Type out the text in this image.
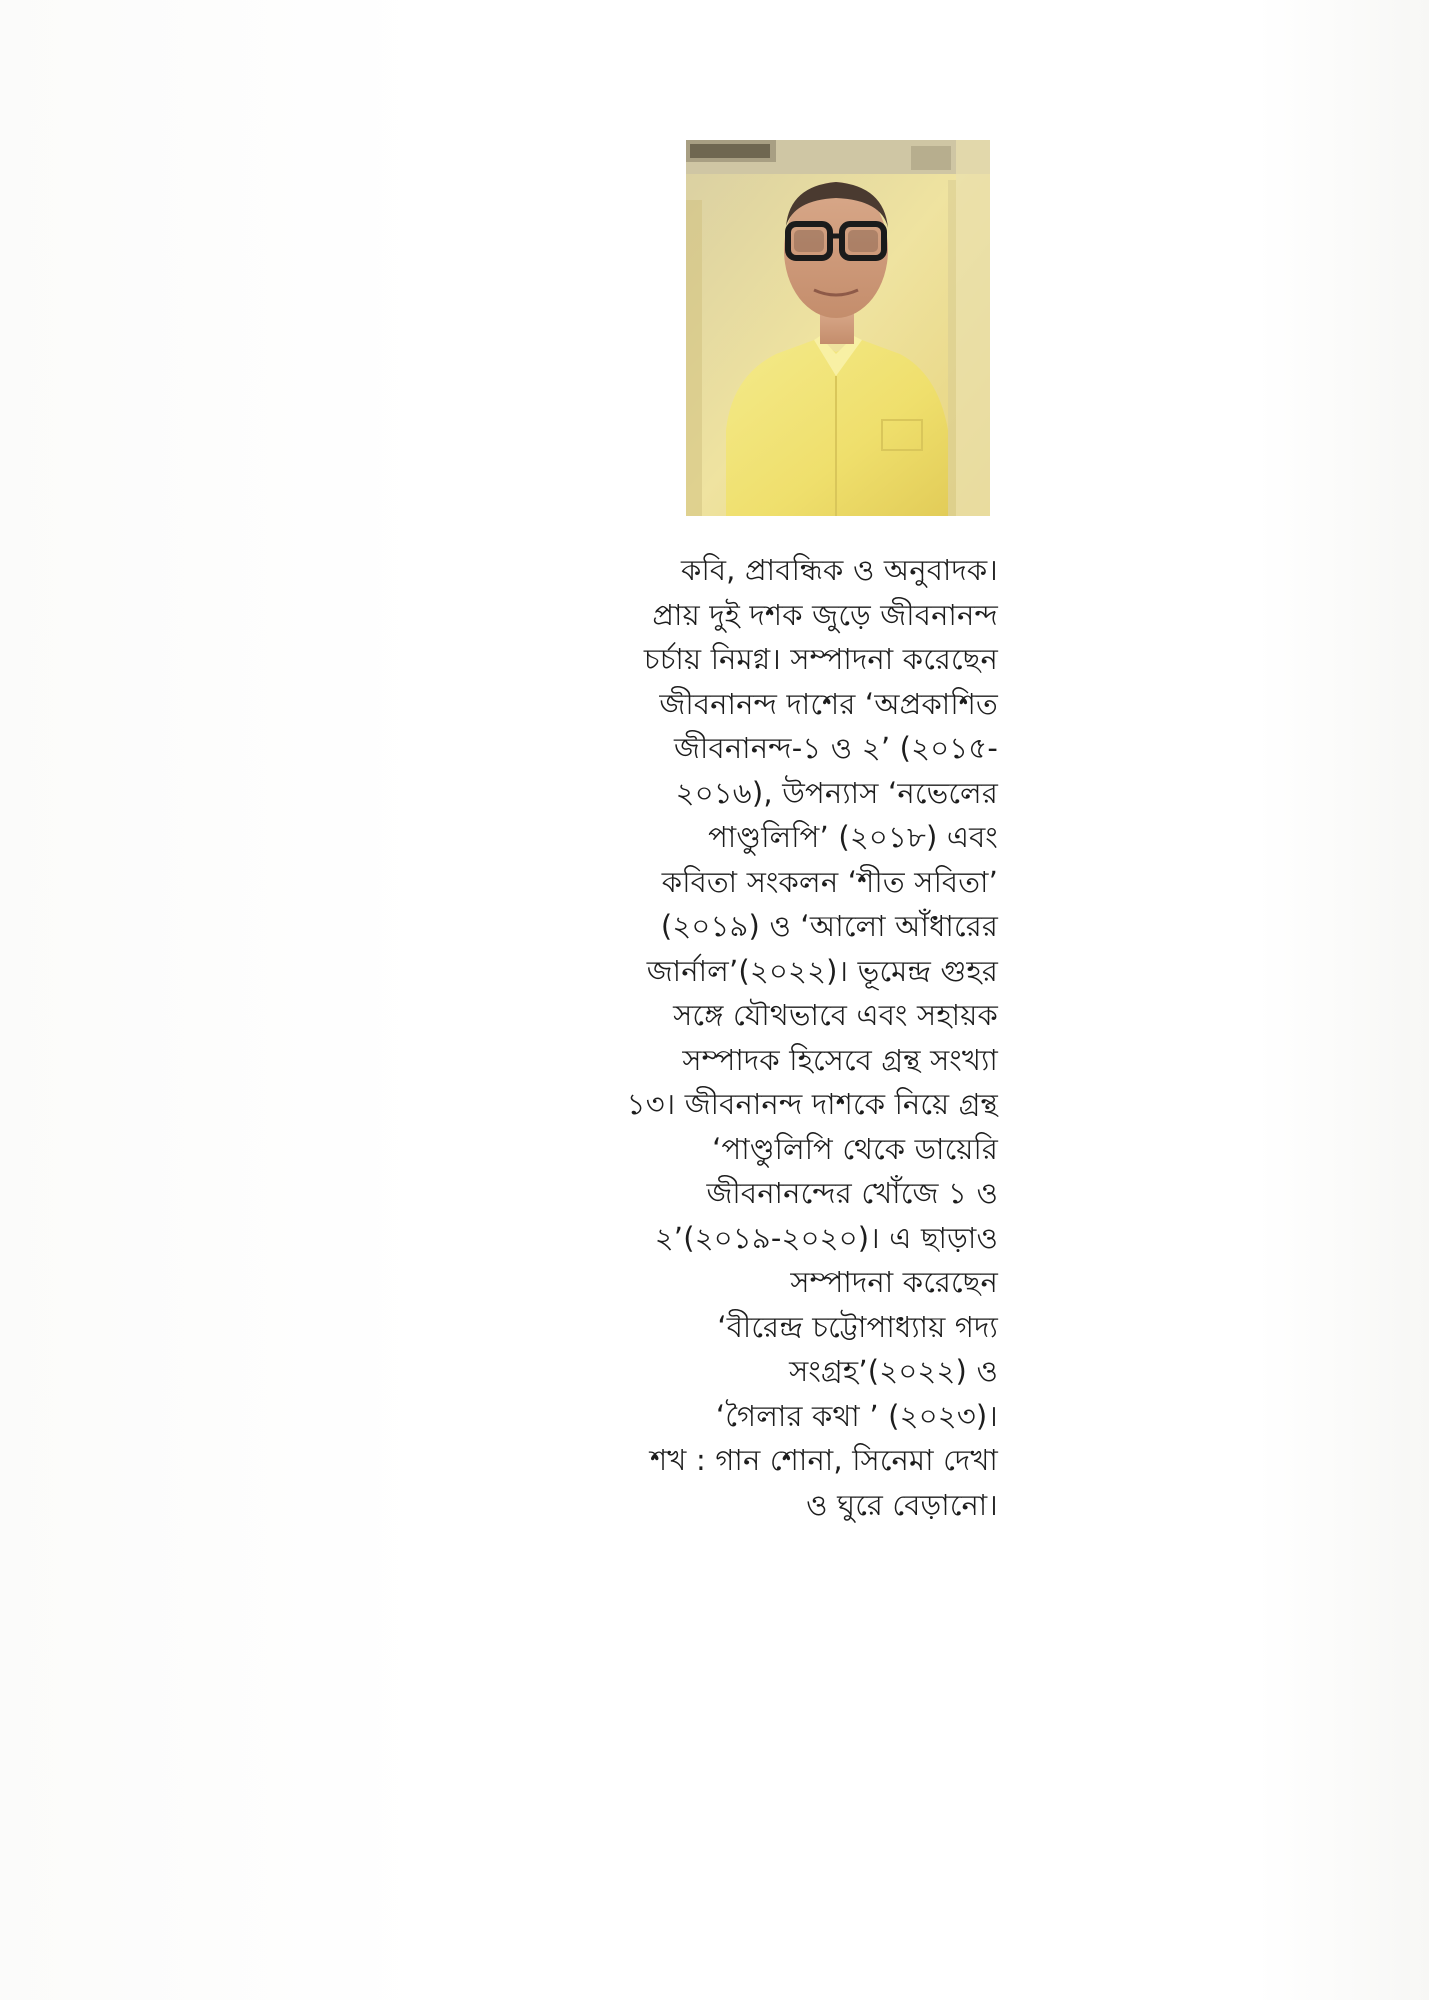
কবি, প্রাবন্ধিক ও অনুবাদক।
প্রায় দুই দশক জুড়ে জীবনানন্দ
চর্চায় নিমগ্ন। সম্পাদনা করেছেন
জীবনানন্দ দাশের ‘অপ্রকাশিত
জীবনানন্দ-১ ও ২’ (২০১৫-
২০১৬), উপন্যাস ‘নভেলের
পাণ্ডুলিপি’ (২০১৮) এবং
কবিতা সংকলন ‘শীত সবিতা’
(২০১৯) ও ‘আলো আঁধারের
জার্নাল’(২০২২)। ভূমেন্দ্র গুহর
সঙ্গে যৌথভাবে এবং সহায়ক
সম্পাদক হিসেবে গ্রন্থ সংখ্যা
১৩। জীবনানন্দ দাশকে নিয়ে গ্রন্থ
‘পাণ্ডুলিপি থেকে ডায়েরি
জীবনানন্দের খোঁজে ১ ও
২’(২০১৯-২০২০)। এ ছাড়াও
সম্পাদনা করেছেন
‘বীরেন্দ্র চট্টোপাধ্যায় গদ্য
সংগ্রহ’(২০২২) ও
‘গৈলার কথা ’ (২০২৩)।
শখ : গান শোনা, সিনেমা দেখা
ও ঘুরে বেড়ানো।
